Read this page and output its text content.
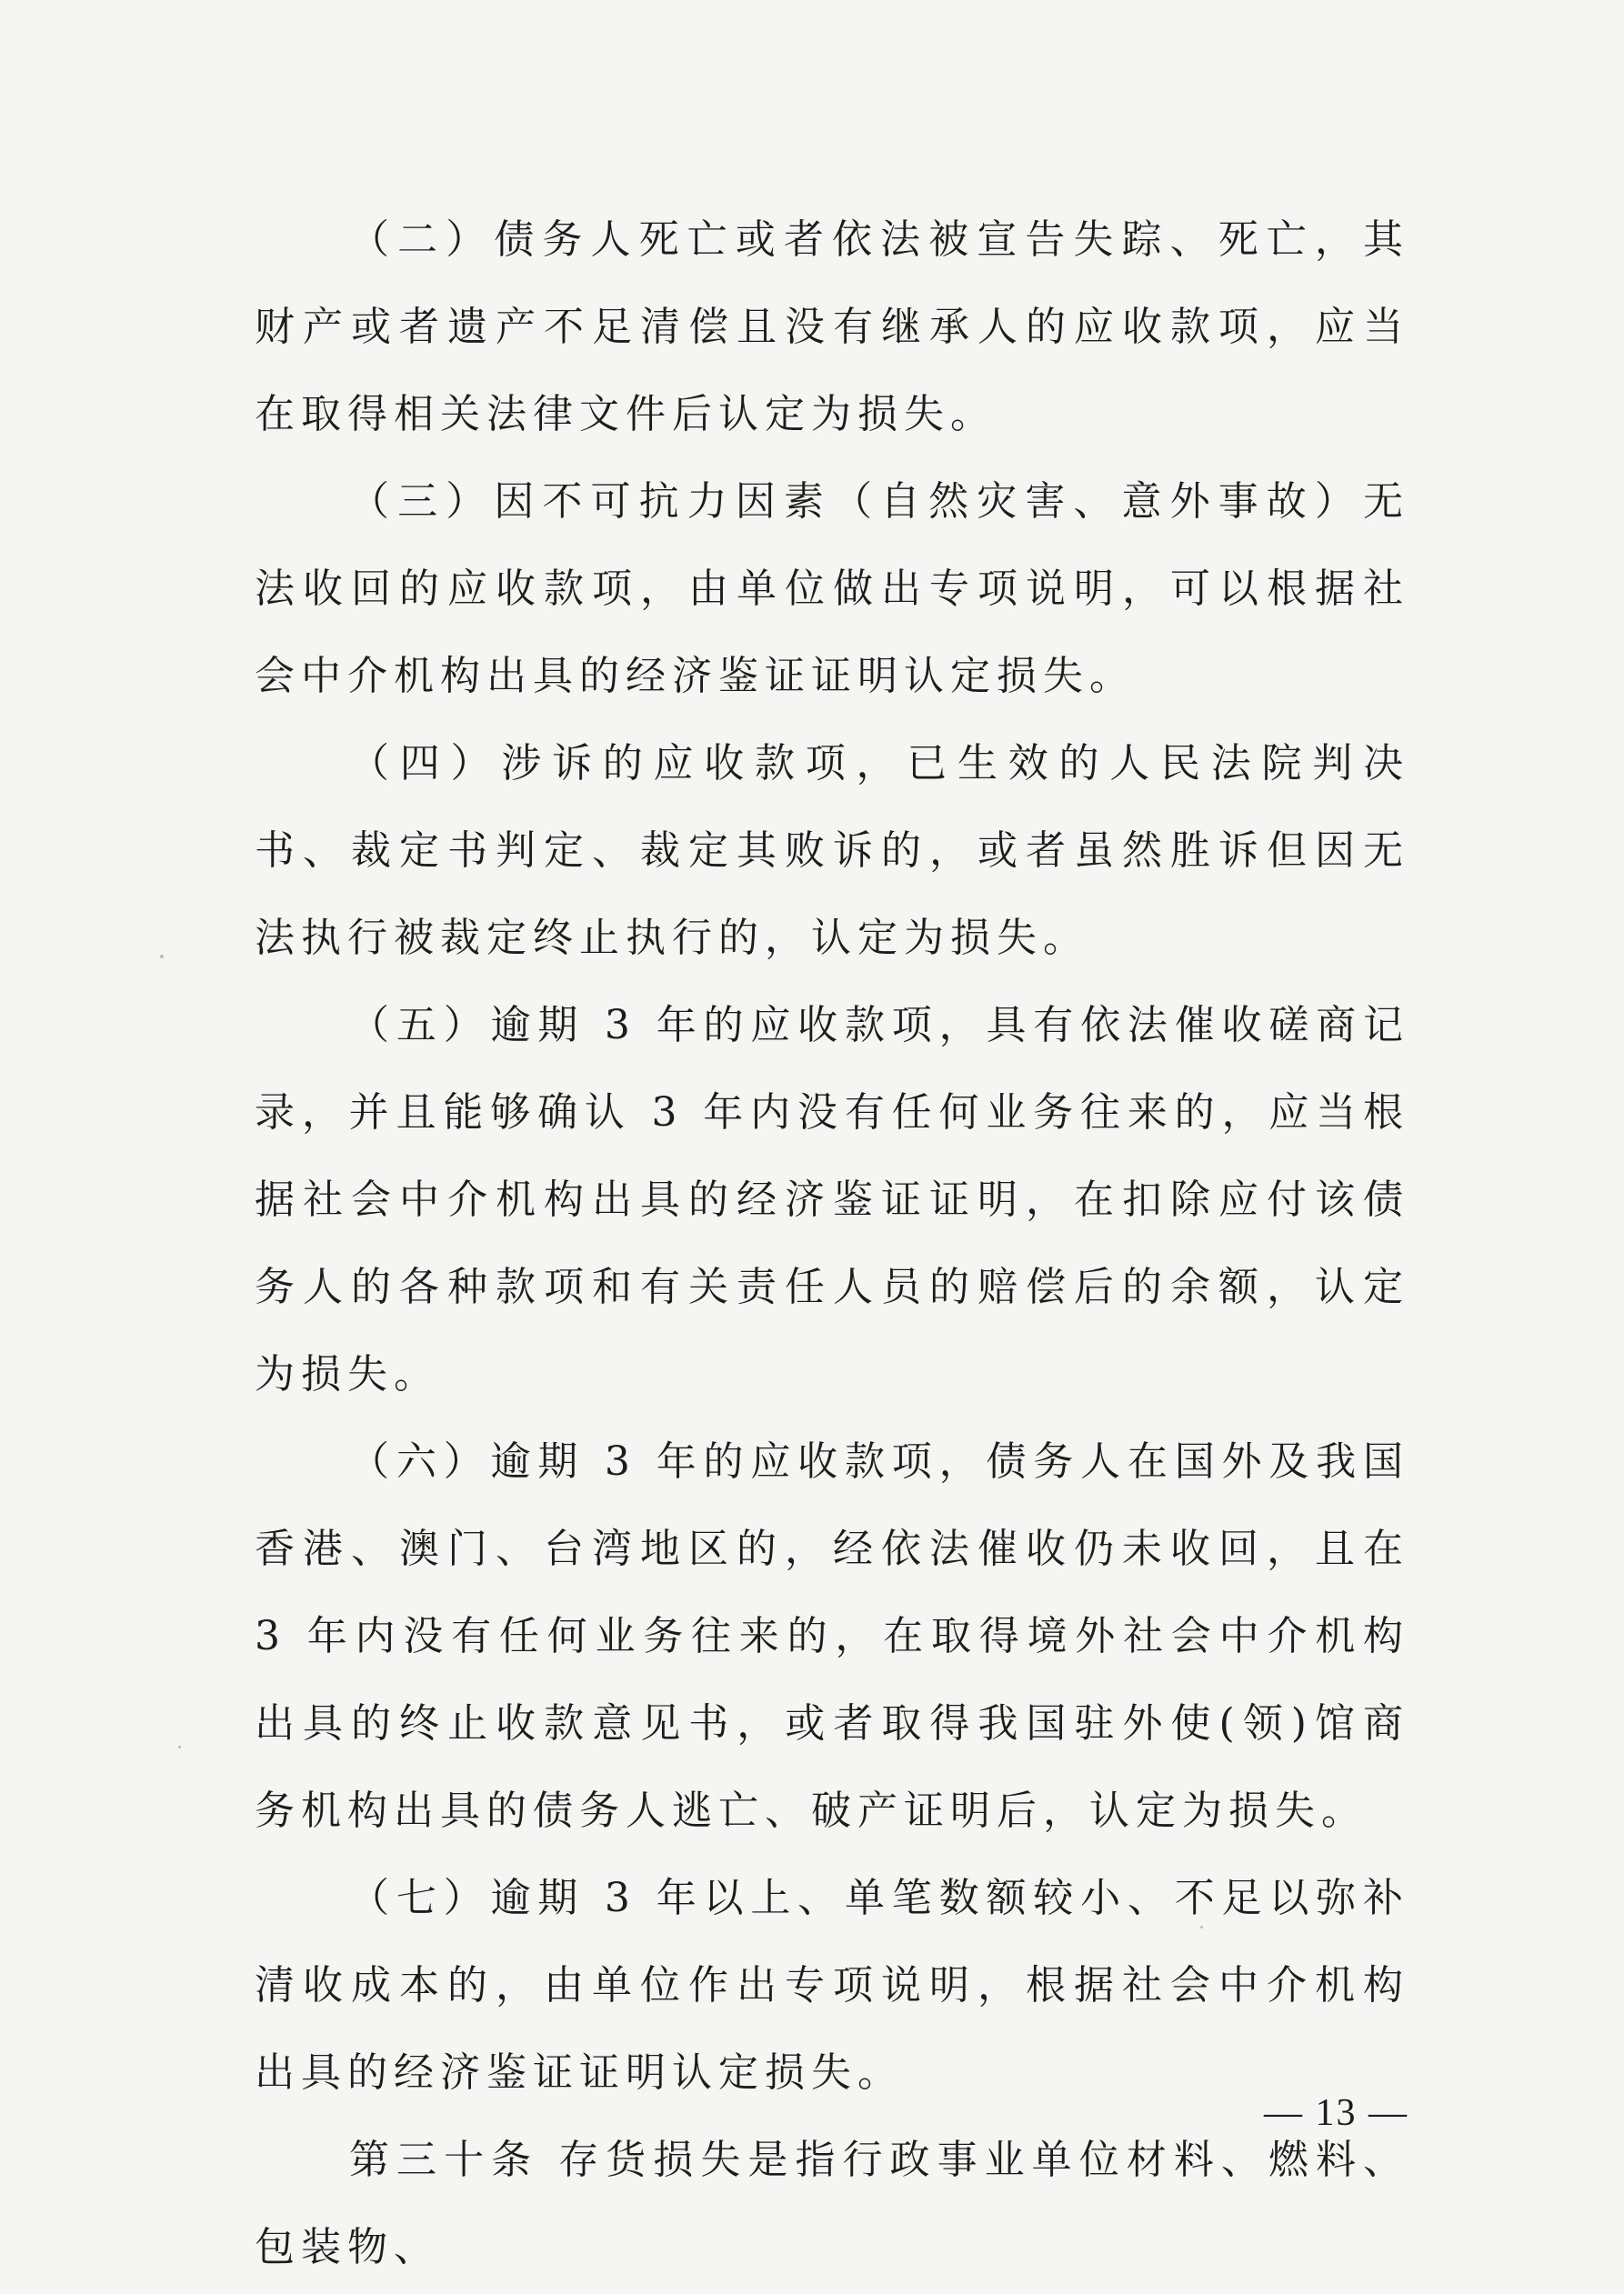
（二）债务人死亡或者依法被宣告失踪、死亡，其财产或者遗产不足清偿且没有继承人的应收款项，应当在取得相关法律文件后认定为损失。

（三）因不可抗力因素（自然灾害、意外事故）无法收回的应收款项，由单位做出专项说明，可以根据社会中介机构出具的经济鉴证证明认定损失。

（四）涉诉的应收款项，已生效的人民法院判决书、裁定书判定、裁定其败诉的，或者虽然胜诉但因无法执行被裁定终止执行的，认定为损失。

（五）逾期 3 年的应收款项，具有依法催收磋商记录，并且能够确认 3 年内没有任何业务往来的，应当根据社会中介机构出具的经济鉴证证明，在扣除应付该债务人的各种款项和有关责任人员的赔偿后的余额，认定为损失。

（六）逾期 3 年的应收款项，债务人在国外及我国香港、澳门、台湾地区的，经依法催收仍未收回，且在 3 年内没有任何业务往来的，在取得境外社会中介机构出具的终止收款意见书，或者取得我国驻外使(领)馆商务机构出具的债务人逃亡、破产证明后，认定为损失。

（七）逾期 3 年以上、单笔数额较小、不足以弥补清收成本的，由单位作出专项说明，根据社会中介机构出具的经济鉴证证明认定损失。

第三十条 存货损失是指行政事业单位材料、燃料、包装物、

— 13 —
